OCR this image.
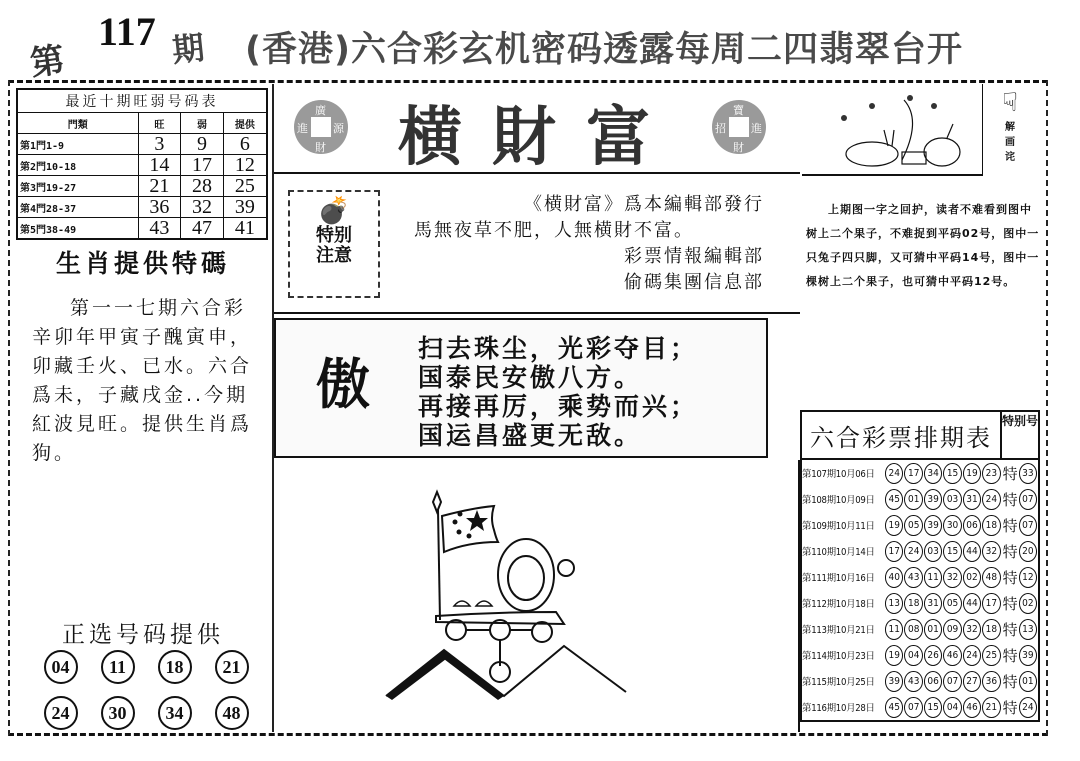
第
117 期 (香港)六合彩玄机密码透露每周二四翡翠台开
最近十期旺弱号码表			
門類	旺	弱	提供
第1門1-9	3	9	6
第2門10-18	14	17	12
第3門19-27	21	28	25
第4門28-37	36	32	39
第5門38-49	43	47	41
生肖提供特碼
第一一七期六合彩辛卯年甲寅子醜寅申，卯藏壬火、已水。六合爲未，子藏戌金..今期紅波見旺。提供生肖爲狗。
正选号码提供
04	11	18	21
24	30	34	48
廣
進 源
財	横財富	寶
招 進
財
💣
特别
注意
《横財富》爲本編輯部發行
馬無夜草不肥，人無横財不富。
彩票情報編輯部
偷碼集團信息部
傲
扫去珠尘，光彩夺目；
国泰民安傲八方。
再接再厉，乘势而兴；
国运昌盛更无敌。
☟
解
画
诧
上期图一字之回护，读者不难看到图中树上二个果子，不难捉到平码02号，图中一只兔子四只脚，又可猜中平码14号，图中一棵树上二个果子，也可猜中平码12号。
六合彩票排期表
特别号
第107期10月06日	24 17 34 15 19 23 特 33
第108期10月09日	45 01 39 03 31 24 特 07
第109期10月11日	19 05 39 30 06 18 特 07
第110期10月14日	17 24 03 15 44 32 特 20
第111期10月16日	40 43 11 32 02 48 特 12
第112期10月18日	13 18 31 05 44 17 特 02
第113期10月21日	11 08 01 09 32 18 特 13
第114期10月23日	19 04 26 46 24 25 特 39
第115期10月25日	39 43 06 07 27 36 特 01
第116期10月28日	45 07 15 04 46 21 特 24
